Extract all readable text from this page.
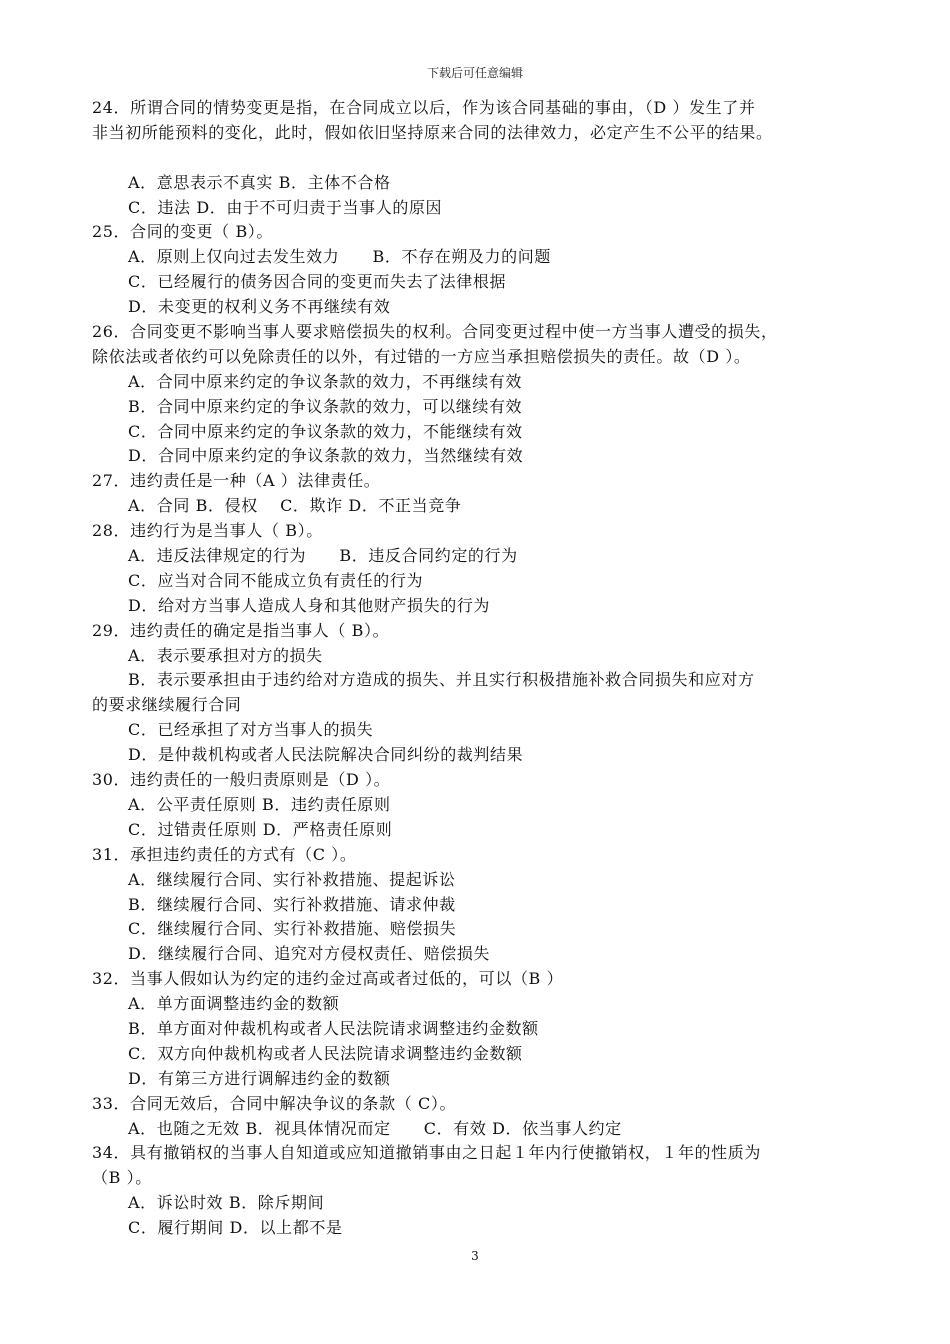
下载后可任意编辑
24．所谓合同的情势变更是指，在合同成立以后，作为该合同基础的事由，（D ）发生了并
非当初所能预料的变化，此时，假如依旧坚持原来合同的法律效力，必定产生不公平的结果。
A．意思表示不真实 B．主体不合格
C．违法 D．由于不可归责于当事人的原因
25．合同的变更（ B）。
A．原则上仅向过去发生效力　　B．不存在朔及力的问题
C．已经履行的债务因合同的变更而失去了法律根据
D．未变更的权利义务不再继续有效
26．合同变更不影响当事人要求赔偿损失的权利。合同变更过程中使一方当事人遭受的损失，
除依法或者依约可以免除责任的以外，有过错的一方应当承担赔偿损失的责任。故（D ）。
A．合同中原来约定的争议条款的效力，不再继续有效
B．合同中原来约定的争议条款的效力，可以继续有效
C．合同中原来约定的争议条款的效力，不能继续有效
D．合同中原来约定的争议条款的效力，当然继续有效
27．违约责任是一种（A ）法律责任。
A．合同 B．侵权　 C．欺诈 D．不正当竞争
28．违约行为是当事人（ B）。
A．违反法律规定的行为　　B．违反合同约定的行为
C．应当对合同不能成立负有责任的行为
D．给对方当事人造成人身和其他财产损失的行为
29．违约责任的确定是指当事人（ B）。
A．表示要承担对方的损失
B．表示要承担由于违约给对方造成的损失、并且实行积极措施补救合同损失和应对方
的要求继续履行合同
C．已经承担了对方当事人的损失
D．是仲裁机构或者人民法院解决合同纠纷的裁判结果
30．违约责任的一般归责原则是（D ）。
A．公平责任原则 B．违约责任原则
C．过错责任原则 D．严格责任原则
31．承担违约责任的方式有（C ）。
A．继续履行合同、实行补救措施、提起诉讼
B．继续履行合同、实行补救措施、请求仲裁
C．继续履行合同、实行补救措施、赔偿损失
D．继续履行合同、追究对方侵权责任、赔偿损失
32．当事人假如认为约定的违约金过高或者过低的，可以（B ）
A．单方面调整违约金的数额
B．单方面对仲裁机构或者人民法院请求调整违约金数额
C．双方向仲裁机构或者人民法院请求调整违约金数额
D．有第三方进行调解违约金的数额
33．合同无效后，合同中解决争议的条款（ C）。
A．也随之无效 B．视具体情况而定　　C．有效 D．依当事人约定
34．具有撤销权的当事人自知道或应知道撤销事由之日起１年内行使撤销权，１年的性质为
（B ）。
A．诉讼时效 B．除斥期间
C．履行期间 D．以上都不是
3
